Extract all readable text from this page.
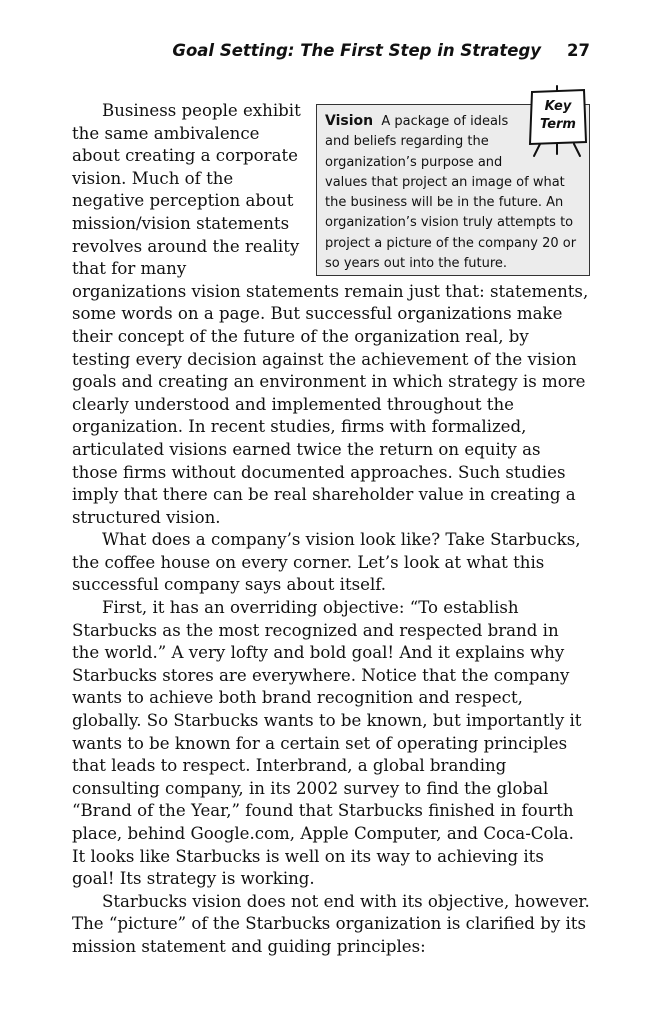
Goal Setting: The First Step in Strategy 27
Vision A package of ideals and beliefs regarding the organization’s purpose and values that project an image of what the business will be in the future. An organization’s vision truly attempts to project a picture of the company 20 or so years out into the future.
Key
Term

Business people exhibit the same ambivalence about creating a corporate vision. Much of the negative perception about mission/vision statements revolves around the reality that for many organizations vision statements remain just that: statements, some words on a page. But successful organizations make their concept of the future of the organization real, by testing every decision against the achievement of the vision goals and creating an environment in which strategy is more clearly understood and implemented throughout the organization. In recent studies, firms with formalized, articulated visions earned twice the return on equity as those firms without documented approaches. Such studies imply that there can be real shareholder value in creating a structured vision.

What does a company’s vision look like? Take Starbucks, the coffee house on every corner. Let’s look at what this successful company says about itself.

First, it has an overriding objective: “To establish Starbucks as the most recognized and respected brand in the world.” A very lofty and bold goal! And it explains why Starbucks stores are everywhere. Notice that the company wants to achieve both brand recognition and respect, globally. So Starbucks wants to be known, but importantly it wants to be known for a certain set of operating principles that leads to respect. Interbrand, a global branding consulting company, in its 2002 survey to find the global “Brand of the Year,” found that Starbucks finished in fourth place, behind Google.com, Apple Computer, and Coca-Cola. It looks like Starbucks is well on its way to achieving its goal! Its strategy is working.

Starbucks vision does not end with its objective, however. The “picture” of the Starbucks organization is clarified by its mission statement and guiding principles:
